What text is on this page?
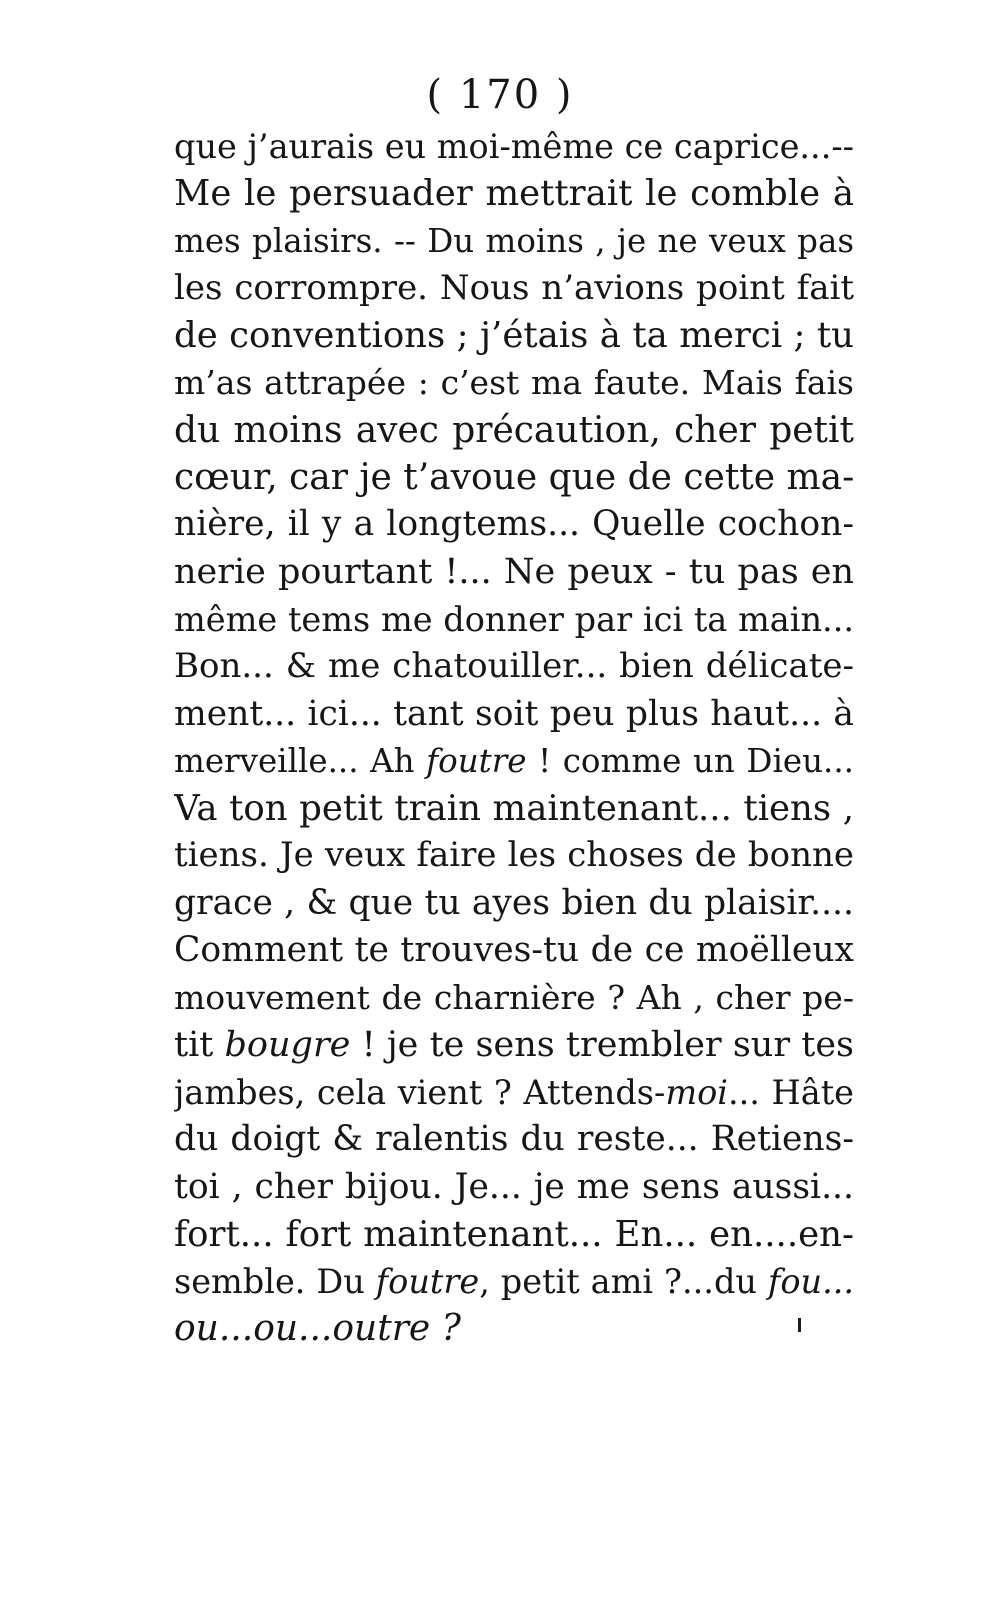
( 170 )
que j’aurais eu moi-même ce caprice...--
Me le persuader mettrait le comble à
mes plaisirs. -- Du moins , je ne veux pas
les corrompre. Nous n’avions point fait
de conventions ; j’étais à ta merci ; tu
m’as attrapée : c’est ma faute. Mais fais
du moins avec précaution, cher petit
cœur, car je t’avoue que de cette ma-
nière, il y a longtems... Quelle cochon-
nerie pourtant !... Ne peux - tu pas en
même tems me donner par ici ta main...
Bon... & me chatouiller... bien délicate-
ment... ici... tant soit peu plus haut... à
merveille... Ah foutre ! comme un Dieu...
Va ton petit train maintenant... tiens ,
tiens. Je veux faire les choses de bonne
grace , & que tu ayes bien du plaisir....
Comment te trouves-tu de ce moëlleux
mouvement de charnière ? Ah , cher pe-
tit bougre ! je te sens trembler sur tes
jambes, cela vient ? Attends-moi... Hâte
du doigt & ralentis du reste... Retiens-
toi , cher bijou. Je... je me sens aussi...
fort... fort maintenant... En... en....en-
semble. Du foutre, petit ami ?...du fou...
ou...ou...outre ?
